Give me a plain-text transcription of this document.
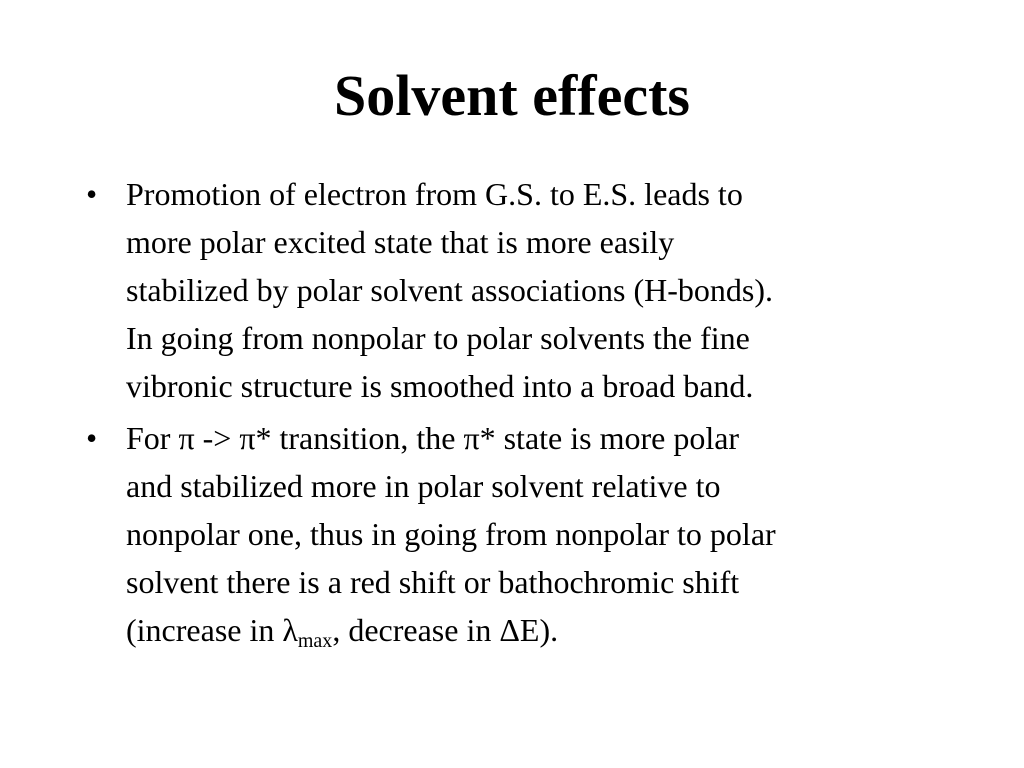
Solvent effects
• Promotion of electron from G.S. to E.S. leads to
more polar excited state that is more easily
stabilized by polar solvent associations (H-bonds).
In going from nonpolar to polar solvents the fine
vibronic structure is smoothed into a broad band.
• For π -> π* transition, the π* state is more polar
and stabilized more in polar solvent relative to
nonpolar one, thus in going from nonpolar to polar
solvent there is a red shift or bathochromic shift
(increase in $\lambda_{max}$, decrease in ΔE).
